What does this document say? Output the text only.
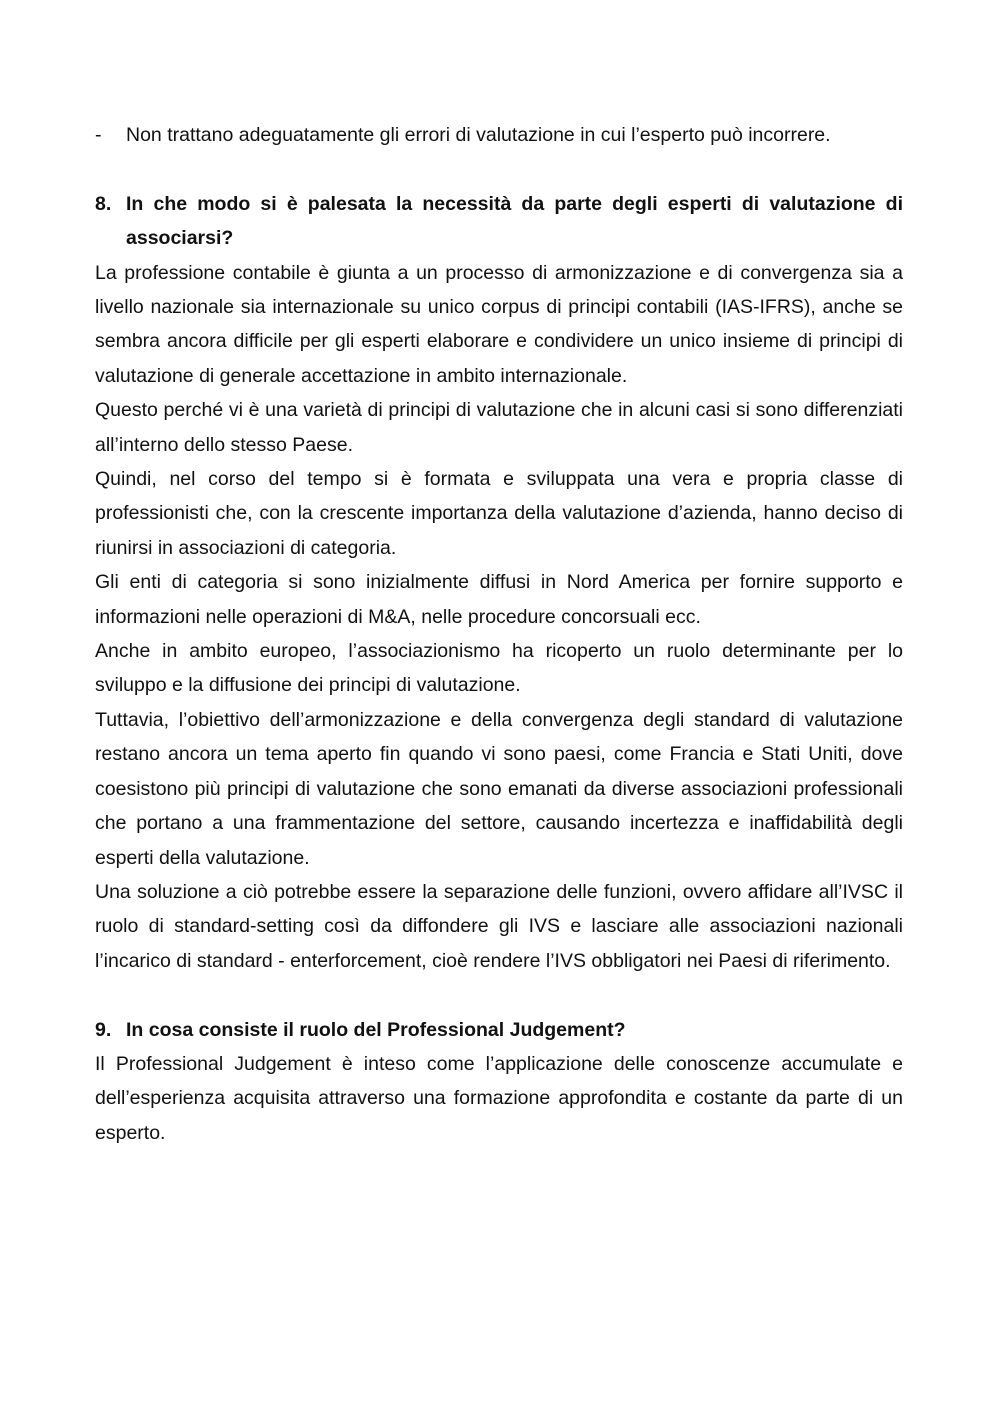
-	Non trattano adeguatamente gli errori di valutazione in cui l’esperto può incorrere.
8. In che modo si è palesata la necessità da parte degli esperti di valutazione di associarsi?

La professione contabile è giunta a un processo di armonizzazione e di convergenza sia a livello nazionale sia internazionale su unico corpus di principi contabili (IAS-IFRS), anche se sembra ancora difficile per gli esperti elaborare e condividere un unico insieme di principi di valutazione di generale accettazione in ambito internazionale.

Questo perché vi è una varietà di principi di valutazione che in alcuni casi si sono differenziati all’interno dello stesso Paese.

Quindi, nel corso del tempo si è formata e sviluppata una vera e propria classe di professionisti che, con la crescente importanza della valutazione d’azienda, hanno deciso di riunirsi in associazioni di categoria.

Gli enti di categoria si sono inizialmente diffusi in Nord America per fornire supporto e informazioni nelle operazioni di M&A, nelle procedure concorsuali ecc.

Anche in ambito europeo, l’associazionismo ha ricoperto un ruolo determinante per lo sviluppo e la diffusione dei principi di valutazione.

Tuttavia, l’obiettivo dell’armonizzazione e della convergenza degli standard di valutazione restano ancora un tema aperto fin quando vi sono paesi, come Francia e Stati Uniti, dove coesistono più principi di valutazione che sono emanati da diverse associazioni professionali che portano a una frammentazione del settore, causando incertezza e inaffidabilità degli esperti della valutazione.

Una soluzione a ciò potrebbe essere la separazione delle funzioni, ovvero affidare all’IVSC il ruolo di standard-setting così da diffondere gli IVS e lasciare alle associazioni nazionali l’incarico di standard - enterforcement, cioè rendere l’IVS obbligatori nei Paesi di riferimento.

9. In cosa consiste il ruolo del Professional Judgement?

Il Professional Judgement è inteso come l’applicazione delle conoscenze accumulate e dell’esperienza acquisita attraverso una formazione approfondita e costante da parte di un esperto.
